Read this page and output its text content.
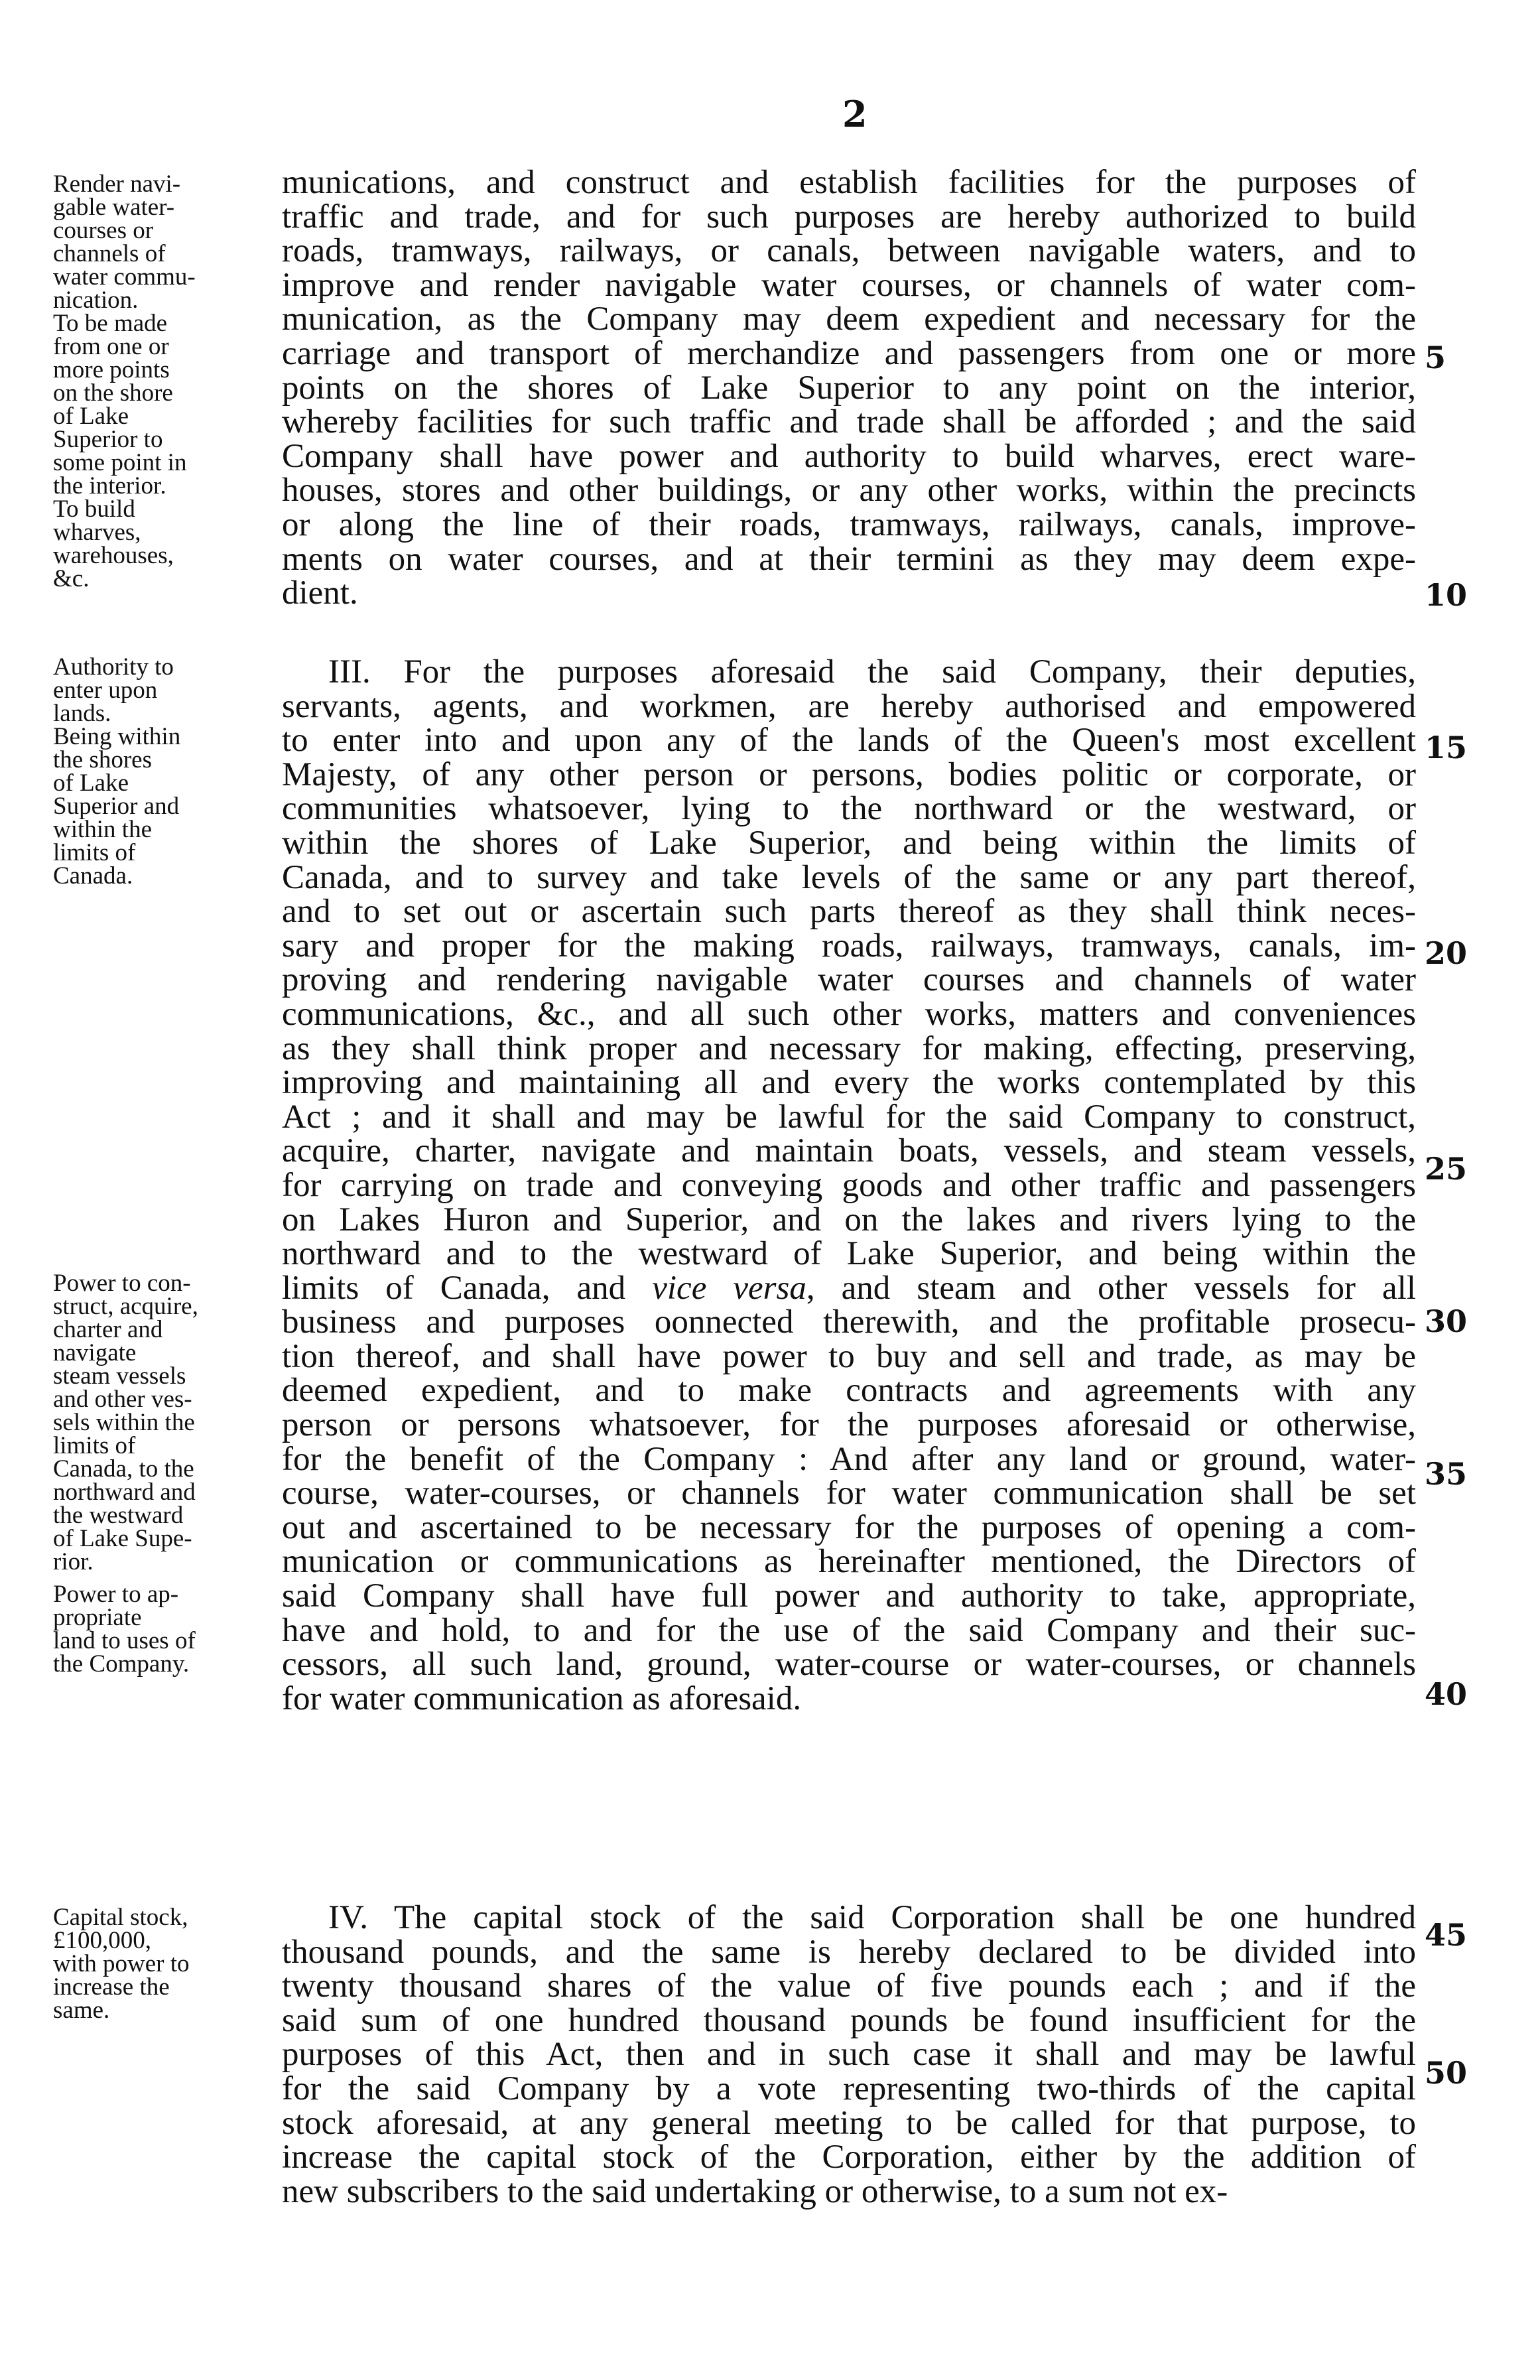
2
Render navi-
gable water-
courses or
channels of
water commu-
nication.
To be made
from one or
more points
on the shore
of Lake
Superior to
some point in
the interior.
To build
wharves,
warehouses,
&c.
Authority to
enter upon
lands.
Being within
the shores
of Lake
Superior and
within the
limits of
Canada.
Power to con-
struct, acquire,
charter and
navigate
steam vessels
and other ves-
sels within the
limits of
Canada, to the
northward and
the westward
of Lake Supe-
rior.
Power to ap-
propriate
land to uses of
the Company.
Capital stock,
£100,000,
with power to
increase the
same.
munications, and construct and establish facilities for the purposes of
traffic and trade, and for such purposes are hereby authorized to build
roads, tramways, railways, or canals, between navigable waters, and to
improve and render navigable water courses, or channels of water com-
munication, as the Company may deem expedient and necessary for the
carriage and transport of merchandize and passengers from one or more
points on the shores of Lake Superior to any point on the interior,
whereby facilities for such traffic and trade shall be afforded ; and the said
Company shall have power and authority to build wharves, erect ware-
houses, stores and other buildings, or any other works, within the precincts
or along the line of their roads, tramways, railways, canals, improve-
ments on water courses, and at their termini as they may deem expe-
dient.
III. For the purposes aforesaid the said Company, their deputies,
servants, agents, and workmen, are hereby authorised and empowered
to enter into and upon any of the lands of the Queen's most excellent
Majesty, of any other person or persons, bodies politic or corporate, or
communities whatsoever, lying to the northward or the westward, or
within the shores of Lake Superior, and being within the limits of
Canada, and to survey and take levels of the same or any part thereof,
and to set out or ascertain such parts thereof as they shall think neces-
sary and proper for the making roads, railways, tramways, canals, im-
proving and rendering navigable water courses and channels of water
communications, &c., and all such other works, matters and conveniences
as they shall think proper and necessary for making, effecting, preserving,
improving and maintaining all and every the works contemplated by this
Act ; and it shall and may be lawful for the said Company to construct,
acquire, charter, navigate and maintain boats, vessels, and steam vessels,
for carrying on trade and conveying goods and other traffic and passengers
on Lakes Huron and Superior, and on the lakes and rivers lying to the
northward and to the westward of Lake Superior, and being within the
limits of Canada, and vice versa, and steam and other vessels for all
business and purposes oonnected therewith, and the profitable prosecu-
tion thereof, and shall have power to buy and sell and trade, as may be
deemed expedient, and to make contracts and agreements with any
person or persons whatsoever, for the purposes aforesaid or otherwise,
for the benefit of the Company : And after any land or ground, water-
course, water-courses, or channels for water communication shall be set
out and ascertained to be necessary for the purposes of opening a com-
munication or communications as hereinafter mentioned, the Directors of
said Company shall have full power and authority to take, appropriate,
have and hold, to and for the use of the said Company and their suc-
cessors, all such land, ground, water-course or water-courses, or channels
for water communication as aforesaid.
IV. The capital stock of the said Corporation shall be one hundred
thousand pounds, and the same is hereby declared to be divided into
twenty thousand shares of the value of five pounds each ; and if the
said sum of one hundred thousand pounds be found insufficient for the
purposes of this Act, then and in such case it shall and may be lawful
for the said Company by a vote representing two-thirds of the capital
stock aforesaid, at any general meeting to be called for that purpose, to
increase the capital stock of the Corporation, either by the addition of
new subscribers to the said undertaking or otherwise, to a sum not ex-
5
10
15
20
25
30
35
40
45
50
